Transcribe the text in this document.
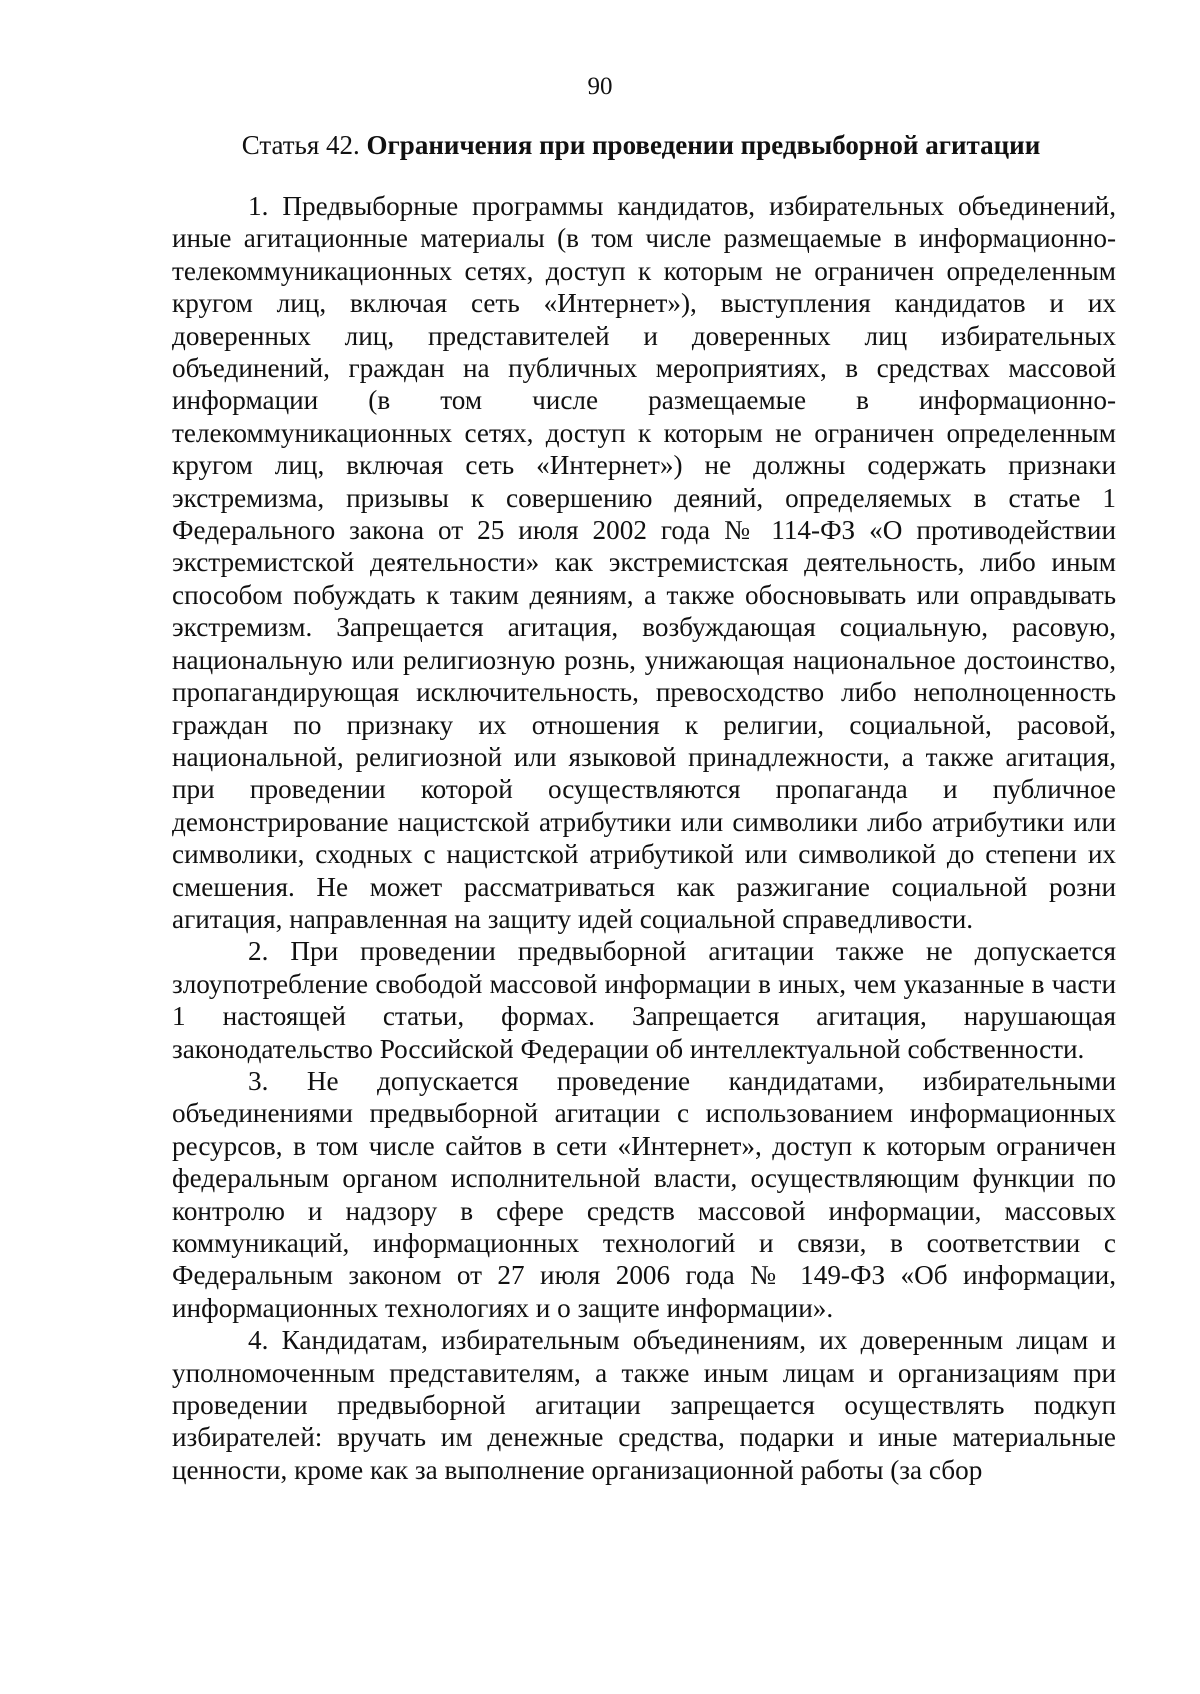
90
Статья 42. Ограничения при проведении предвыборной агитации

1. Предвыборные программы кандидатов, избирательных объединений, иные агитационные материалы (в том числе размещаемые в информационно-телекоммуникационных сетях, доступ к которым не ограничен определенным кругом лиц, включая сеть «Интернет»), выступления кандидатов и их доверенных лиц, представителей и доверенных лиц избирательных объединений, граждан на публичных мероприятиях, в средствах массовой информации (в том числе размещаемые в информационно-телекоммуникационных сетях, доступ к которым не ограничен определенным кругом лиц, включая сеть «Интернет») не должны содержать признаки экстремизма, призывы к совершению деяний, определяемых в статье 1 Федерального закона от 25 июля 2002 года № 114-ФЗ «О противодействии экстремистской деятельности» как экстремистская деятельность, либо иным способом побуждать к таким деяниям, а также обосновывать или оправдывать экстремизм. Запрещается агитация, возбуждающая социальную, расовую, национальную или религиозную рознь, унижающая национальное достоинство, пропагандирующая исключительность, превосходство либо неполноценность граждан по признаку их отношения к религии, социальной, расовой, национальной, религиозной или языковой принадлежности, а также агитация, при проведении которой осуществляются пропаганда и публичное демонстрирование нацистской атрибутики или символики либо атрибутики или символики, сходных с нацистской атрибутикой или символикой до степени их смешения. Не может рассматриваться как разжигание социальной розни агитация, направленная на защиту идей социальной справедливости.

2. При проведении предвыборной агитации также не допускается злоупотребление свободой массовой информации в иных, чем указанные в части 1 настоящей статьи, формах. Запрещается агитация, нарушающая законодательство Российской Федерации об интеллектуальной собственности.

3. Не допускается проведение кандидатами, избирательными объединениями предвыборной агитации с использованием информационных ресурсов, в том числе сайтов в сети «Интернет», доступ к которым ограничен федеральным органом исполнительной власти, осуществляющим функции по контролю и надзору в сфере средств массовой информации, массовых коммуникаций, информационных технологий и связи, в соответствии с Федеральным законом от 27 июля 2006 года № 149-ФЗ «Об информации, информационных технологиях и о защите информации».

4. Кандидатам, избирательным объединениям, их доверенным лицам и уполномоченным представителям, а также иным лицам и организациям при проведении предвыборной агитации запрещается осуществлять подкуп избирателей: вручать им денежные средства, подарки и иные материальные ценности, кроме как за выполнение организационной работы (за сбор
